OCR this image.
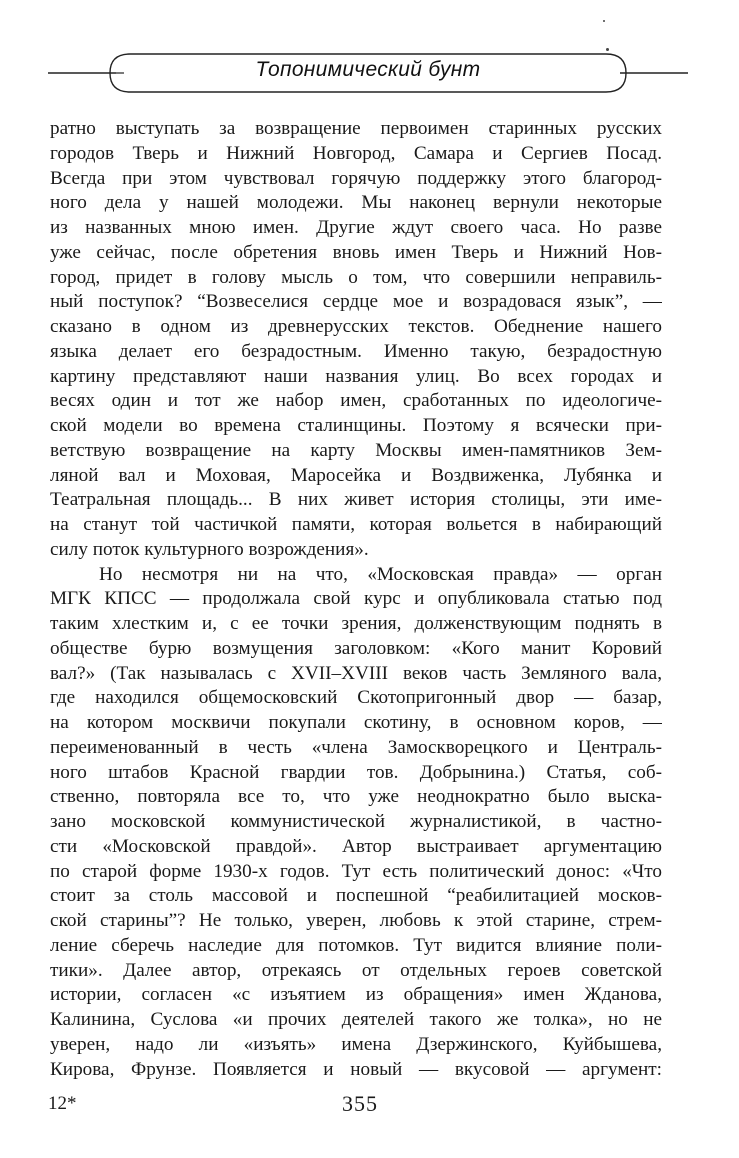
Топонимический бунт
ратно выступать за возвращение первоимен старинных русских
городов Тверь и Нижний Новгород, Самара и Сергиев Посад.
Всегда при этом чувствовал горячую поддержку этого благород-
ного дела у нашей молодежи. Мы наконец вернули некоторые
из названных мною имен. Другие ждут своего часа. Но разве
уже сейчас, после обретения вновь имен Тверь и Нижний Нов-
город, придет в голову мысль о том, что совершили неправиль-
ный поступок? “Возвеселися сердце мое и возрадовася язык”, —
сказано в одном из древнерусских текстов. Обеднение нашего
языка делает его безрадостным. Именно такую, безрадостную
картину представляют наши названия улиц. Во всех городах и
весях один и тот же набор имен, сработанных по идеологиче-
ской модели во времена сталинщины. Поэтому я всячески при-
ветствую возвращение на карту Москвы имен-памятников Зем-
ляной вал и Моховая, Маросейка и Воздвиженка, Лубянка и
Театральная площадь... В них живет история столицы, эти име-
на станут той частичкой памяти, которая вольется в набирающий
силу поток культурного возрождения».
Но несмотря ни на что, «Московская правда» — орган
МГК КПСС — продолжала свой курс и опубликовала статью под
таким хлестким и, с ее точки зрения, долженствующим поднять в
обществе бурю возмущения заголовком: «Кого манит Коровий
вал?» (Так называлась с XVII–XVIII веков часть Земляного вала,
где находился общемосковский Скотопригонный двор — базар,
на котором москвичи покупали скотину, в основном коров, —
переименованный в честь «члена Замоскворецкого и Централь-
ного штабов Красной гвардии тов. Добрынина.) Статья, соб-
ственно, повторяла все то, что уже неоднократно было выска-
зано московской коммунистической журналистикой, в частно-
сти «Московской правдой». Автор выстраивает аргументацию
по старой форме 1930-х годов. Тут есть политический донос: «Что
стоит за столь массовой и поспешной “реабилитацией москов-
ской старины”? Не только, уверен, любовь к этой старине, стрем-
ление сберечь наследие для потомков. Тут видится влияние поли-
тики». Далее автор, отрекаясь от отдельных героев советской
истории, согласен «с изъятием из обращения» имен Жданова,
Калинина, Суслова «и прочих деятелей такого же толка», но не
уверен, надо ли «изъять» имена Дзержинского, Куйбышева,
Кирова, Фрунзе. Появляется и новый — вкусовой — аргумент:
12*	355
